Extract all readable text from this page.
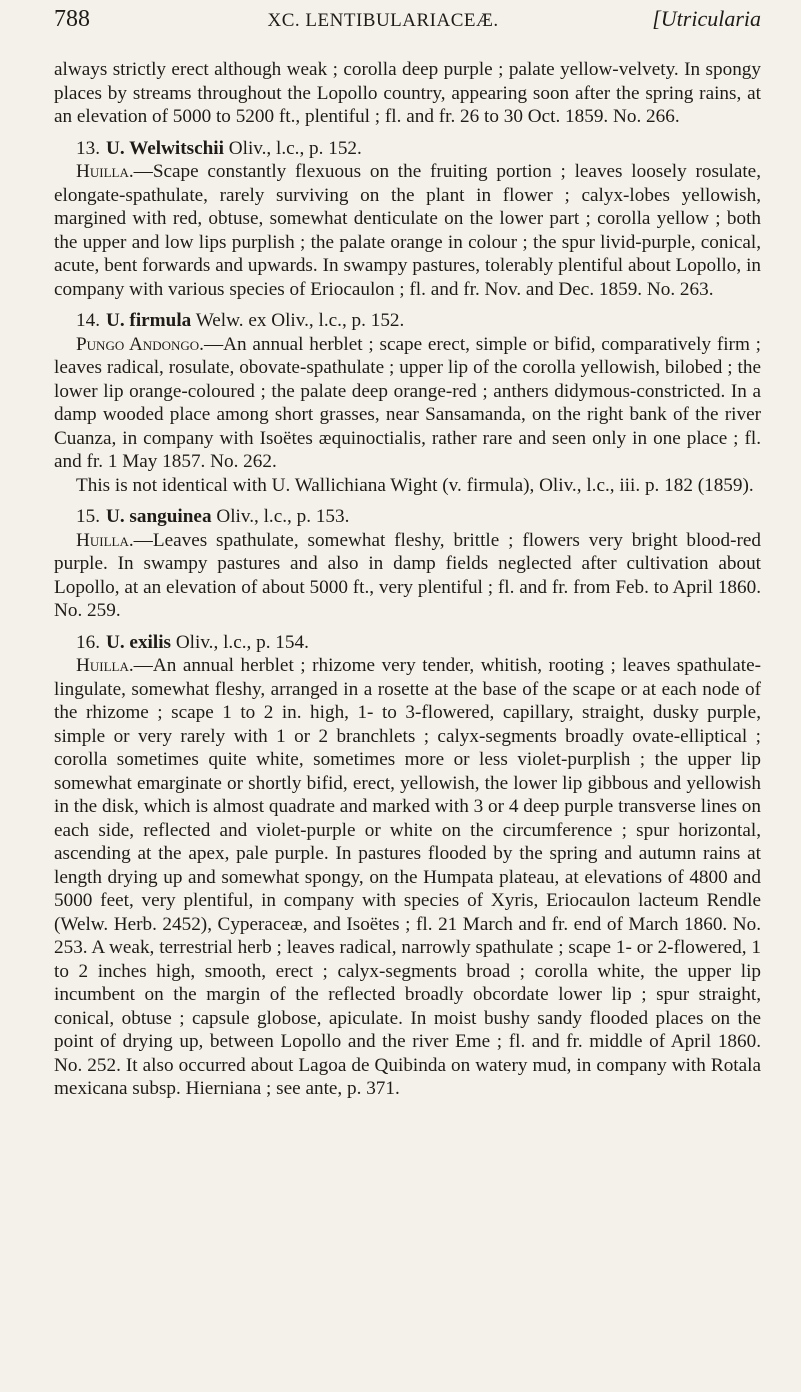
788	XC. LENTIBULARIACEÆ.	[Utricularia

always strictly erect although weak ; corolla deep purple ; palate yellow-velvety. In spongy places by streams throughout the Lopollo country, appearing soon after the spring rains, at an elevation of 5000 to 5200 ft., plentiful ; fl. and fr. 26 to 30 Oct. 1859. No. 266.

13. U. Welwitschii Oliv., l.c., p. 152.

Huilla.—Scape constantly flexuous on the fruiting portion ; leaves loosely rosulate, elongate-spathulate, rarely surviving on the plant in flower ; calyx-lobes yellowish, margined with red, obtuse, somewhat denticulate on the lower part ; corolla yellow ; both the upper and low lips purplish ; the palate orange in colour ; the spur livid-purple, conical, acute, bent forwards and upwards. In swampy pastures, tolerably plentiful about Lopollo, in company with various species of Eriocaulon ; fl. and fr. Nov. and Dec. 1859. No. 263.

14. U. firmula Welw. ex Oliv., l.c., p. 152.

Pungo Andongo.—An annual herblet ; scape erect, simple or bifid, comparatively firm ; leaves radical, rosulate, obovate-spathulate ; upper lip of the corolla yellowish, bilobed ; the lower lip orange-coloured ; the palate deep orange-red ; anthers didymous-constricted. In a damp wooded place among short grasses, near Sansamanda, on the right bank of the river Cuanza, in company with Isoëtes æquinoctialis, rather rare and seen only in one place ; fl. and fr. 1 May 1857. No. 262.

This is not identical with U. Wallichiana Wight (v. firmula), Oliv., l.c., iii. p. 182 (1859).

15. U. sanguinea Oliv., l.c., p. 153.

Huilla.—Leaves spathulate, somewhat fleshy, brittle ; flowers very bright blood-red purple. In swampy pastures and also in damp fields neglected after cultivation about Lopollo, at an elevation of about 5000 ft., very plentiful ; fl. and fr. from Feb. to April 1860. No. 259.

16. U. exilis Oliv., l.c., p. 154.

Huilla.—An annual herblet ; rhizome very tender, whitish, rooting ; leaves spathulate-lingulate, somewhat fleshy, arranged in a rosette at the base of the scape or at each node of the rhizome ; scape 1 to 2 in. high, 1- to 3-flowered, capillary, straight, dusky purple, simple or very rarely with 1 or 2 branchlets ; calyx-segments broadly ovate-elliptical ; corolla sometimes quite white, sometimes more or less violet-purplish ; the upper lip somewhat emarginate or shortly bifid, erect, yellowish, the lower lip gibbous and yellowish in the disk, which is almost quadrate and marked with 3 or 4 deep purple transverse lines on each side, reflected and violet-purple or white on the circumference ; spur horizontal, ascending at the apex, pale purple. In pastures flooded by the spring and autumn rains at length drying up and somewhat spongy, on the Humpata plateau, at elevations of 4800 and 5000 feet, very plentiful, in company with species of Xyris, Eriocaulon lacteum Rendle (Welw. Herb. 2452), Cyperaceæ, and Isoëtes ; fl. 21 March and fr. end of March 1860. No. 253. A weak, terrestrial herb ; leaves radical, narrowly spathulate ; scape 1- or 2-flowered, 1 to 2 inches high, smooth, erect ; calyx-segments broad ; corolla white, the upper lip incumbent on the margin of the reflected broadly obcordate lower lip ; spur straight, conical, obtuse ; capsule globose, apiculate. In moist bushy sandy flooded places on the point of drying up, between Lopollo and the river Eme ; fl. and fr. middle of April 1860. No. 252. It also occurred about Lagoa de Quibinda on watery mud, in company with Rotala mexicana subsp. Hierniana ; see ante, p. 371.
